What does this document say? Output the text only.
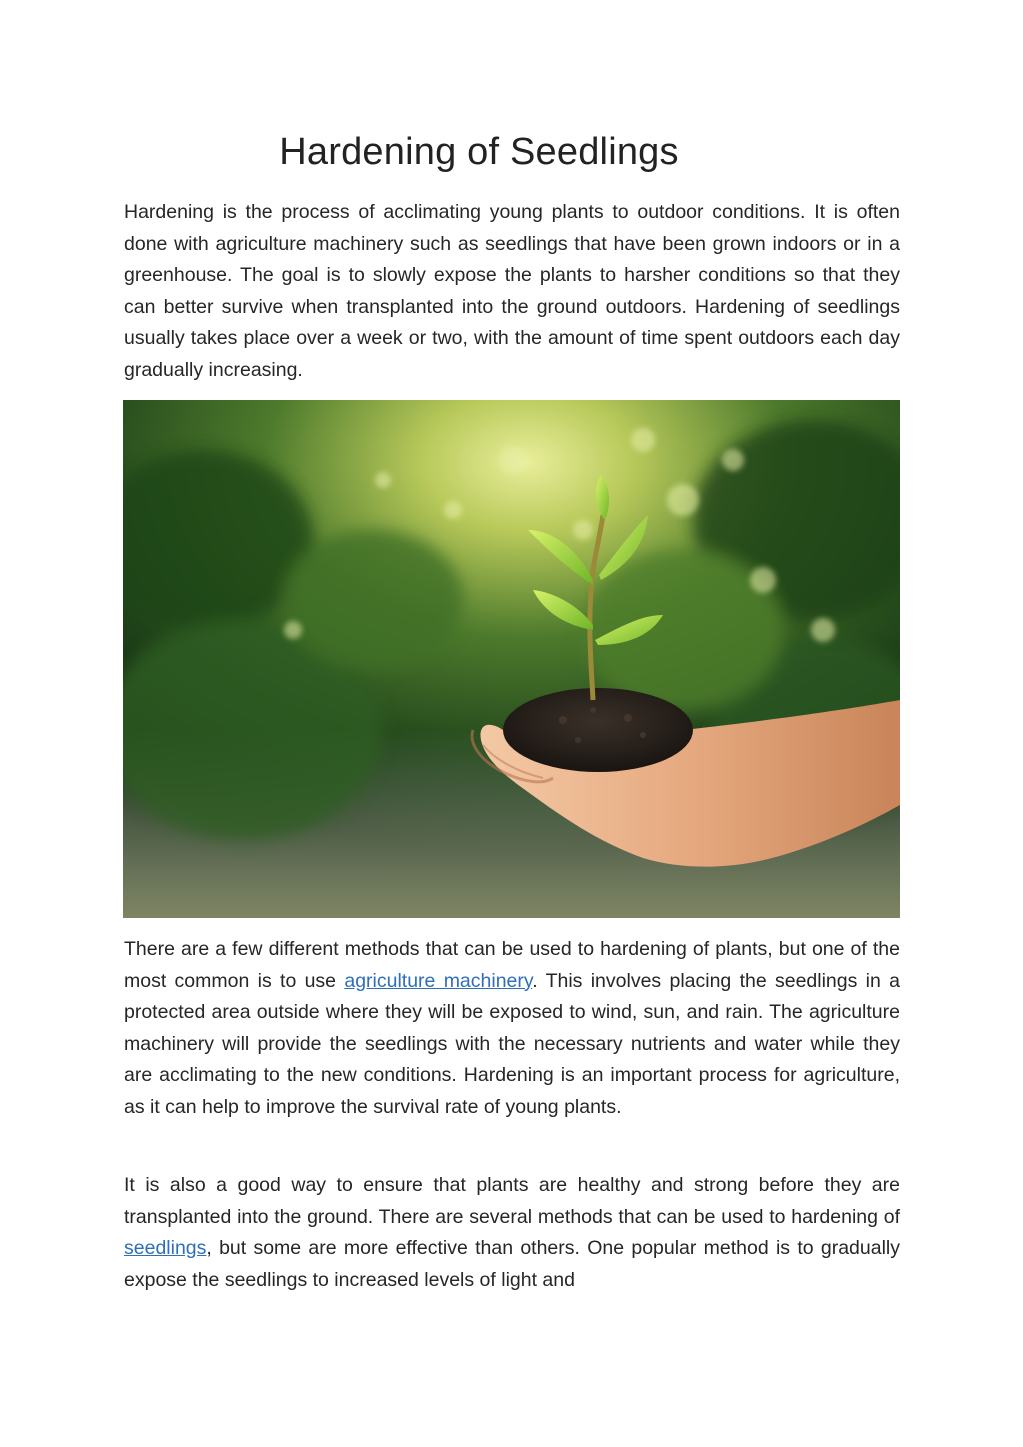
Hardening of Seedlings

Hardening is the process of acclimating young plants to outdoor conditions. It is often done with agriculture machinery such as seedlings that have been grown indoors or in a greenhouse. The goal is to slowly expose the plants to harsher conditions so that they can better survive when transplanted into the ground outdoors. Hardening of seedlings usually takes place over a week or two, with the amount of time spent outdoors each day gradually increasing.

There are a few different methods that can be used to hardening of plants, but one of the most common is to use agriculture machinery. This involves placing the seedlings in a protected area outside where they will be exposed to wind, sun, and rain. The agriculture machinery will provide the seedlings with the necessary nutrients and water while they are acclimating to the new conditions. Hardening is an important process for agriculture, as it can help to improve the survival rate of young plants.

It is also a good way to ensure that plants are healthy and strong before they are transplanted into the ground. There are several methods that can be used to hardening of seedlings, but some are more effective than others. One popular method is to gradually expose the seedlings to increased levels of light and
